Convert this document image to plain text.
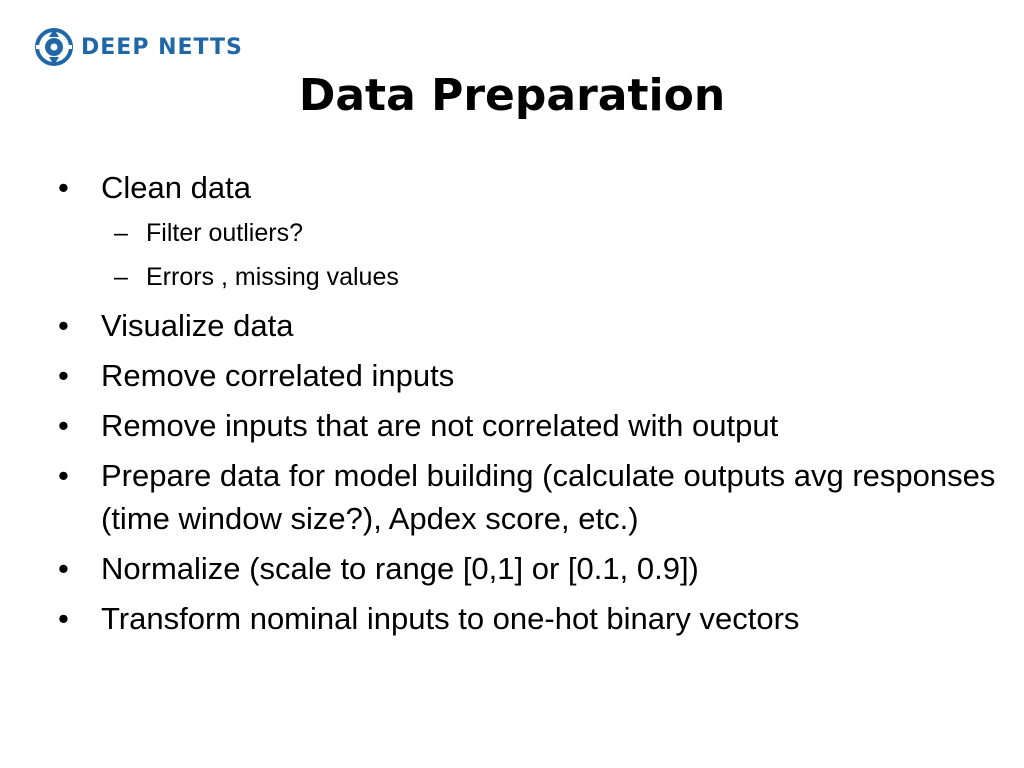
DEEP NETTS
Data Preparation
• Clean data
– Filter outliers?
– Errors , missing values
• Visualize data
• Remove correlated inputs
• Remove inputs that are not correlated with output
• Prepare data for model building (calculate outputs avg responses (time window size?), Apdex score, etc.)
• Normalize (scale to range [0,1] or [0.1, 0.9])
• Transform nominal inputs to one-hot binary vectors
